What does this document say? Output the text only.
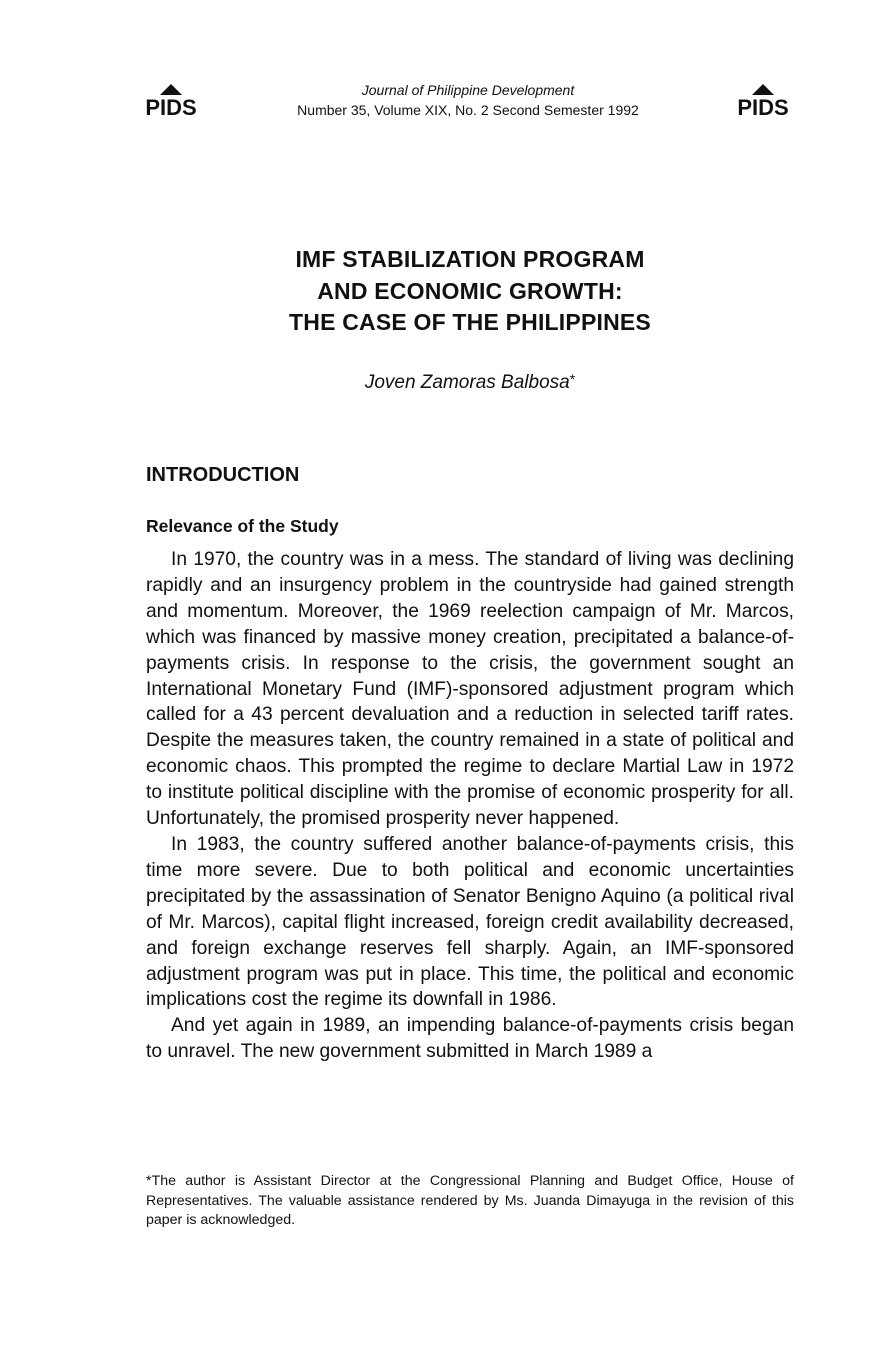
PIDS
Journal of Philippine Development
Number 35, Volume XIX, No. 2 Second Semester 1992	PIDS
IMF STABILIZATION PROGRAM
AND ECONOMIC GROWTH:
THE CASE OF THE PHILIPPINES
Joven Zamoras Balbosa*
INTRODUCTION
Relevance of the Study

In 1970, the country was in a mess. The standard of living was declining rapidly and an insurgency problem in the countryside had gained strength and momentum. Moreover, the 1969 reelection campaign of Mr. Marcos, which was financed by massive money creation, precipitated a balance-of-payments crisis. In response to the crisis, the government sought an International Monetary Fund (IMF)-sponsored adjustment program which called for a 43 percent devaluation and a reduction in selected tariff rates. Despite the measures taken, the country remained in a state of political and economic chaos. This prompted the regime to declare Martial Law in 1972 to institute political discipline with the promise of economic prosperity for all. Unfortunately, the promised prosperity never happened.

In 1983, the country suffered another balance-of-payments crisis, this time more severe. Due to both political and economic uncertainties precipitated by the assassination of Senator Benigno Aquino (a political rival of Mr. Marcos), capital flight increased, foreign credit availability decreased, and foreign exchange reserves fell sharply. Again, an IMF-sponsored adjustment program was put in place. This time, the political and economic implications cost the regime its downfall in 1986.

And yet again in 1989, an impending balance-of-payments crisis began to unravel. The new government submitted in March 1989 a

*The author is Assistant Director at the Congressional Planning and Budget Office, House of Representatives. The valuable assistance rendered by Ms. Juanda Dimayuga in the revision of this paper is acknowledged.
